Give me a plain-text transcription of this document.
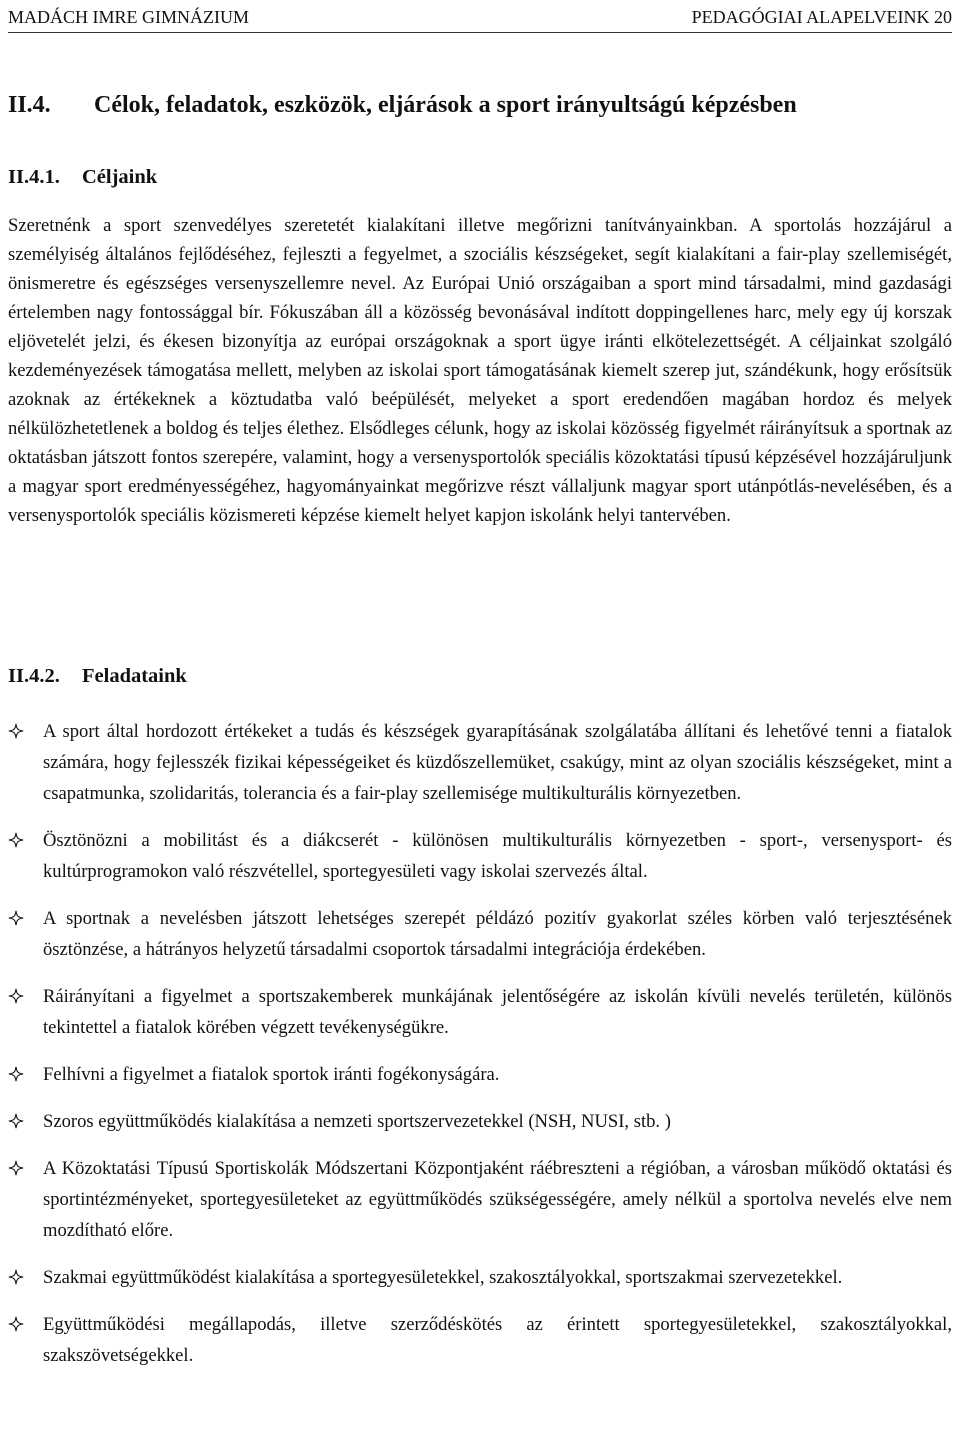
MADÁCH IMRE GIMNÁZIUM	PEDAGÓGIAI ALAPELVEINK 20
II.4. Célok, feladatok, eszközök, eljárások a sport irányultságú képzésben
II.4.1. Céljaink

Szeretnénk a sport szenvedélyes szeretetét kialakítani illetve megőrizni tanítványainkban. A sportolás hozzájárul a személyiség általános fejlődéséhez, fejleszti a fegyelmet, a szociális készségeket, segít kialakítani a fair-play szellemiségét, önismeretre és egészséges versenyszellemre nevel. Az Európai Unió országaiban a sport mind társadalmi, mind gazdasági értelemben nagy fontossággal bír. Fókuszában áll a közösség bevonásával indított doppingellenes harc, mely egy új korszak eljövetelét jelzi, és ékesen bizonyítja az európai országoknak a sport ügye iránti elkötelezettségét. A céljainkat szolgáló kezdeményezések támogatása mellett, melyben az iskolai sport támogatásának kiemelt szerep jut, szándékunk, hogy erősítsük azoknak az értékeknek a köztudatba való beépülését, melyeket a sport eredendően magában hordoz és melyek nélkülözhetetlenek a boldog és teljes élethez. Elsődleges célunk, hogy az iskolai közösség figyelmét ráirányítsuk a sportnak az oktatásban játszott fontos szerepére, valamint, hogy a versenysportolók speciális közoktatási típusú képzésével hozzájáruljunk a magyar sport eredményességéhez, hagyományainkat megőrizve részt vállaljunk magyar sport utánpótlás-nevelésében, és a versenysportolók speciális közismereti képzése kiemelt helyet kapjon iskolánk helyi tantervében.

II.4.2. Feladataink
A sport által hordozott értékeket a tudás és készségek gyarapításának szolgálatába állítani és lehetővé tenni a fiatalok számára, hogy fejlesszék fizikai képességeiket és küzdőszellemüket, csakúgy, mint az olyan szociális készségeket, mint a csapatmunka, szolidaritás, tolerancia és a fair-play szellemisége multikulturális környezetben.
Ösztönözni a mobilitást és a diákcserét - különösen multikulturális környezetben - sport-, versenysport- és kultúrprogramokon való részvétellel, sportegyesületi vagy iskolai szervezés által.
A sportnak a nevelésben játszott lehetséges szerepét példázó pozitív gyakorlat széles körben való terjesztésének ösztönzése, a hátrányos helyzetű társadalmi csoportok társadalmi integrációja érdekében.
Ráirányítani a figyelmet a sportszakemberek munkájának jelentőségére az iskolán kívüli nevelés területén, különös tekintettel a fiatalok körében végzett tevékenységükre.
Felhívni a figyelmet a fiatalok sportok iránti fogékonyságára.
Szoros együttműködés kialakítása a nemzeti sportszervezetekkel (NSH, NUSI, stb. )
A Közoktatási Típusú Sportiskolák Módszertani Központjaként ráébreszteni a régióban, a városban működő oktatási és sportintézményeket, sportegyesületeket az együttműködés szükségességére, amely nélkül a sportolva nevelés elve nem mozdítható előre.
Szakmai együttműködést kialakítása a sportegyesületekkel, szakosztályokkal, sportszakmai szervezetekkel.
Együttműködési megállapodás, illetve szerződéskötés az érintett sportegyesületekkel, szakosztályokkal, szakszövetségekkel.
